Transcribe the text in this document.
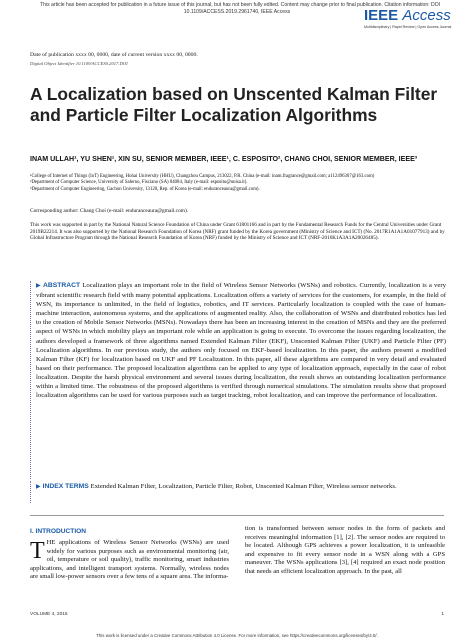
This article has been accepted for publication in a future issue of this journal, but has not been fully edited. Content may change prior to final publication. Citation information: DOI
10.1109/ACCESS.2019.2961740, IEEE Access	IEEE Access
Multidisciplinary | Rapid Review | Open Access Journal
Date of publication xxxx 00, 0000, date of current version xxxx 00, 0000.
Digital Object Identifier 10.1109/ACCESS.2017.DOI
A Localization based on Unscented Kalman Filter and Particle Filter Localization Algorithms
INAM ULLAH¹, YU SHEN¹, XIN SU, SENIOR MEMBER, IEEE¹, C. ESPOSITO², CHANG CHOI, SENIOR MEMBER, IEEE³
¹College of Internet of Things (IoT) Engineering, Hohai University (HHU), Changzhou Campus, 213022, P.R. China (e-mail: inam.fragrance@gmail.com; a112496307@163.com)
²Department of Computer Science, University of Salerno, Fisciano (SA) 84084, Italy (e-mail: esposito@unisa.it).
³Department of Computer Engineering, Gachon University, 13120, Rep. of Korea (e-mail: enduranceaura@gmail.com).
Corresponding author: Chang Choi (e-mail: enduranceaura@gmail.com).
This work was supported in part by the National Natural Science Foundation of China under Grant 61801166 and in part by the Fundamental Research Funds for the Central Universities under Grant 2019B22214. It was also supported by the National Research Foundation of Korea (NRF) grant funded by the Korea government (Ministry of Science and ICT) (No. 2017R1A1A1A01077913) and by Global Infrastructure Program through the National Research Foundation of Korea (NRF) funded by the Ministry of Science and ICT (NRF-2016K1A3A1A20026485).
▶ ABSTRACT Localization plays an important role in the field of Wireless Sensor Networks (WSNs) and robotics. Currently, localization is a very vibrant scientific research field with many potential applications. Localization offers a variety of services for the customers, for example, in the field of WSN, its importance is unlimited, in the field of logistics, robotics, and IT services. Particularly localization is coupled with the case of human-machine interaction, autonomous systems, and the applications of augmented reality. Also, the collaboration of WSNs and distributed robotics has led to the creation of Mobile Sensor Networks (MSNs). Nowadays there has been an increasing interest in the creation of MSNs and they are the preferred aspect of WSNs in which mobility plays an important role while an application is going to execute. To overcome the issues regarding localization, the authors developed a framework of three algorithms named Extended Kalman Filter (EKF), Unscented Kalman Filter (UKF) and Particle Filter (PF) Localization algorithms. In our previous study, the authors only focused on EKF-based localization. In this paper, the authors present a modified Kalman Filter (KF) for localization based on UKF and PF Localization. In this paper, all these algorithms are compared in very detail and evaluated based on their performance. The proposed localization algorithms can be applied to any type of localization approach, especially in the case of robot localization. Despite the harsh physical environment and several issues during localization, the result shows an outstanding localization performance within a limited time. The robustness of the proposed algorithms is verified through numerical simulations. The simulation results show that proposed localization algorithms can be used for various purposes such as target tracking, robot localization, and can improve the performance of localization.
▶ INDEX TERMS Extended Kalman Filter, Localization, Particle Filter, Robot, Unscented Kalman Filter, Wireless sensor networks.
I. INTRODUCTION
THE applications of Wireless Sensor Networks (WSNs) are used widely for various purposes such as environmental monitoring (air, oil, temperature or soil quality), traffic monitoring, smart industries applications, and intelligent transport systems. Normally, wireless nodes are small low-power sensors over a few tens of a square area. The informa-
tion is transformed between sensor nodes in the form of packets and receives meaningful information [1], [2]. The sensor nodes are required to be located. Although GPS achieves a power localization, it is unfeasible and expensive to fit every sensor node in a WSN along with a GPS maneuver. The WSNs applications [3], [4] required an exact node position that needs an efficient localization approach. In the past, all
VOLUME 4, 2016	1
This work is licensed under a Creative Commons Attribution 4.0 License. For more information, see https://creativecommons.org/licenses/by/4.0/.
